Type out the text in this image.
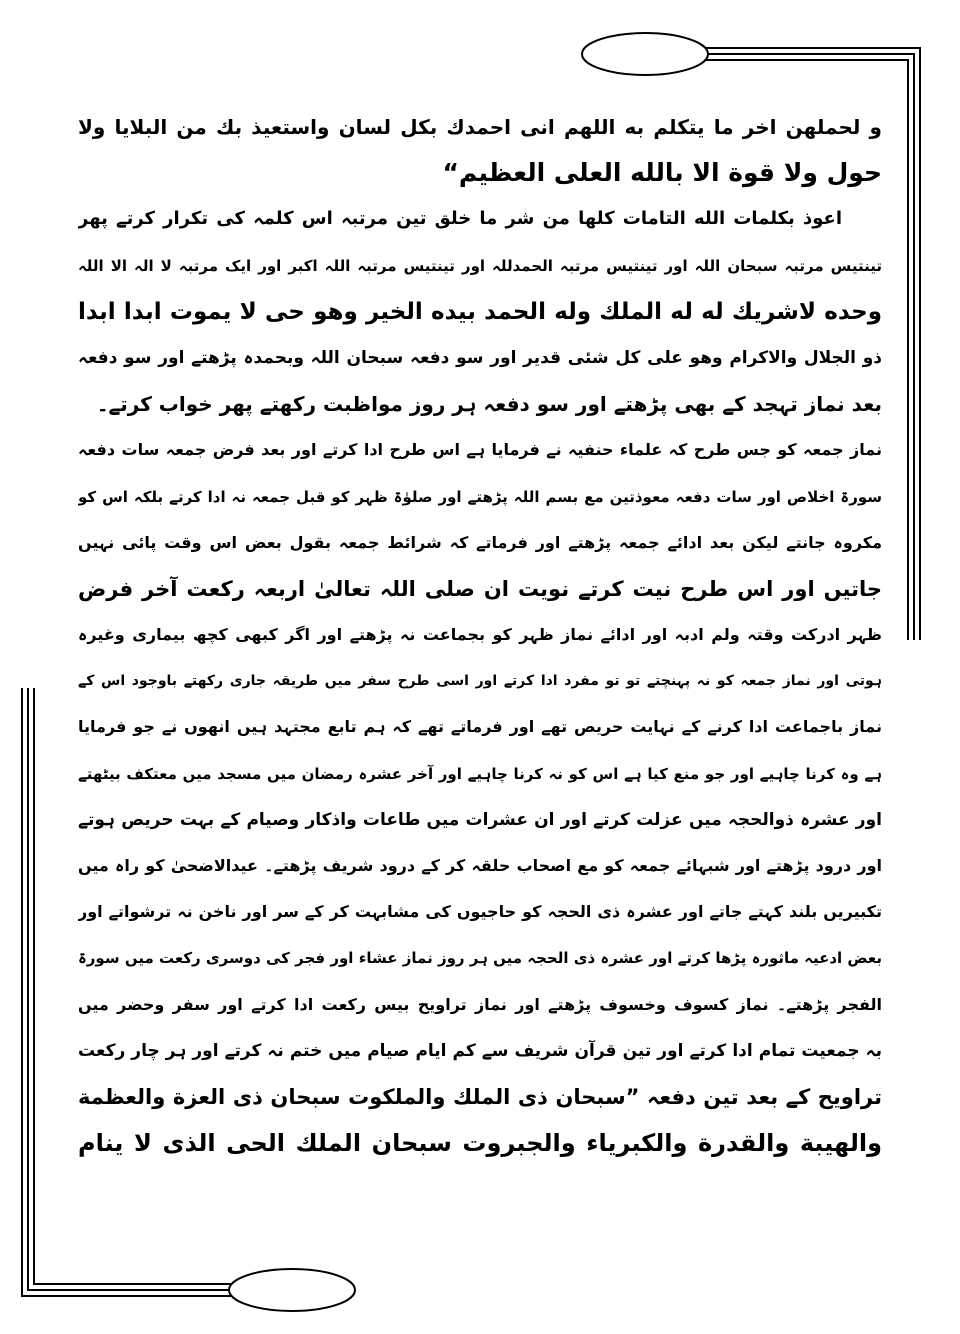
و لحملهن اخر ما يتكلم به اللهم انى احمدك بكل لسان واستعيذ بك من البلايا ولا
حول ولا قوة الا بالله العلى العظيم“
اعوذ بكلمات الله التامات كلها من شر ما خلق تین مرتبہ اس کلمہ کی تکرار کرتے پھر
تینتیس مرتبہ سبحان اللہ اور تینتیس مرتبہ الحمدللہ اور تینتیس مرتبہ اللہ اکبر اور ایک مرتبہ لا الہ الا اللہ
وحده لاشريك له له الملك وله الحمد بيده الخير وهو حى لا يموت ابدا ابدا
ذو الجلال والاكرام وهو على كل شئى قدير اور سو دفعہ سبحان اللہ وبحمدہ پڑھتے اور سو دفعہ
بعد نماز تہجد کے بھی پڑھتے اور سو دفعہ ہر روز مواظبت رکھتے پھر خواب کرتے۔
نماز جمعہ کو جس طرح کہ علماء حنفیہ نے فرمایا ہے اس طرح ادا کرتے اور بعد فرض جمعہ سات دفعہ
سورۃ اخلاص اور سات دفعہ معوذتین مع بسم اللہ پڑھتے اور صلوٰۃ ظہر کو قبل جمعہ نہ ادا کرتے بلکہ اس کو
مکروہ جانتے لیکن بعد ادائے جمعہ پڑھتے اور فرماتے کہ شرائط جمعہ بقول بعض اس وقت پائی نہیں
جاتیں اور اس طرح نیت کرتے نویت ان صلی اللہ تعالیٰ اربعہ رکعت آخر فرض
ظہر ادرکت وقتہ ولم ادبہ اور ادائے نماز ظہر کو بجماعت نہ پڑھتے اور اگر کبھی کچھ بیماری وغیرہ
ہوتی اور نماز جمعہ کو نہ پہنچتے تو تو مفرد ادا کرتے اور اسی طرح سفر میں طریقہ جاری رکھتے باوجود اس کے
نماز باجماعت ادا کرنے کے نہایت حریص تھے اور فرماتے تھے کہ ہم تابع مجتہد ہیں انھوں نے جو فرمایا
ہے وہ کرنا چاہیے اور جو منع کیا ہے اس کو نہ کرنا چاہیے اور آخر عشرہ رمضان میں مسجد میں معتکف بیٹھتے
اور عشرہ ذوالحجہ میں عزلت کرتے اور ان عشرات میں طاعات واذکار وصیام کے بہت حریص ہوتے
اور درود پڑھتے اور شبہائے جمعہ کو مع اصحاب حلقہ کر کے درود شریف پڑھتے۔ عیدالاضحیٰ کو راہ میں
تکبیریں بلند کہتے جاتے اور عشرہ ذی الحجہ کو حاجیوں کی مشابہت کر کے سر اور ناخن نہ ترشواتے اور
بعض ادعیہ ماثورہ پڑھا کرتے اور عشرہ ذی الحجہ میں ہر روز نماز عشاء اور فجر کی دوسری رکعت میں سورۃ
الفجر پڑھتے۔ نماز کسوف وخسوف پڑھتے اور نماز تراویح بیس رکعت ادا کرتے اور سفر وحضر میں
بہ جمعیت تمام ادا کرتے اور تین قرآن شریف سے کم ایام صیام میں ختم نہ کرتے اور ہر چار رکعت
تراویح کے بعد تین دفعہ ”سبحان ذى الملك والملكوت سبحان ذى العزة والعظمة
والهيبة والقدرة والكبرياء والجبروت سبحان الملك الحى الذى لا ينام
